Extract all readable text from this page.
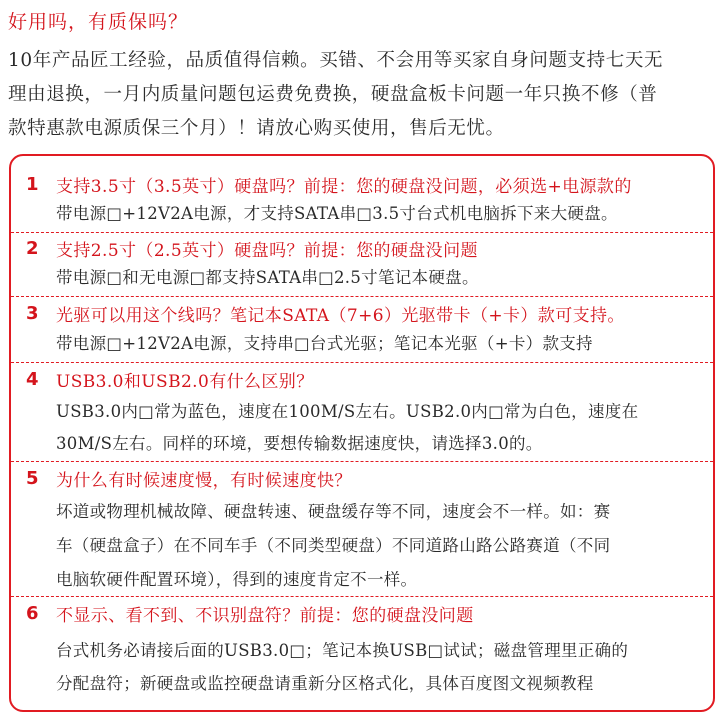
好用吗，有质保吗？
10年产品匠工经验，品质值得信赖。买错、不会用等买家自身问题支持七天无
理由退换，一月内质量问题包运费免费换，硬盘盒板卡问题一年只换不修（普
款特惠款电源质保三个月）！请放心购买使用，售后无忧。
1 支持3.5寸（3.5英寸）硬盘吗？前提：您的硬盘没问题，必须选+电源款的
带电源□+12V2A电源，才支持SATA串□3.5寸台式机电脑拆下来大硬盘。
2 支持2.5寸（2.5英寸）硬盘吗？前提：您的硬盘没问题
带电源□和无电源□都支持SATA串□2.5寸笔记本硬盘。
3 光驱可以用这个线吗？笔记本SATA（7+6）光驱带卡（+卡）款可支持。
带电源□+12V2A电源，支持串□台式光驱；笔记本光驱（+卡）款支持
4 USB3.0和USB2.0有什么区别？
USB3.0内□常为蓝色，速度在100M/S左右。USB2.0内□常为白色，速度在
30M/S左右。同样的环境，要想传输数据速度快，请选择3.0的。
5 为什么有时候速度慢，有时候速度快？
坏道或物理机械故障、硬盘转速、硬盘缓存等不同，速度会不一样。如：赛
车（硬盘盒子）在不同车手（不同类型硬盘）不同道路山路公路赛道（不同
电脑软硬件配置环境），得到的速度肯定不一样。
6 不显示、看不到、不识别盘符？前提：您的硬盘没问题
台式机务必请接后面的USB3.0□；笔记本换USB□试试；磁盘管理里正确的
分配盘符；新硬盘或监控硬盘请重新分区格式化，具体百度图文视频教程
